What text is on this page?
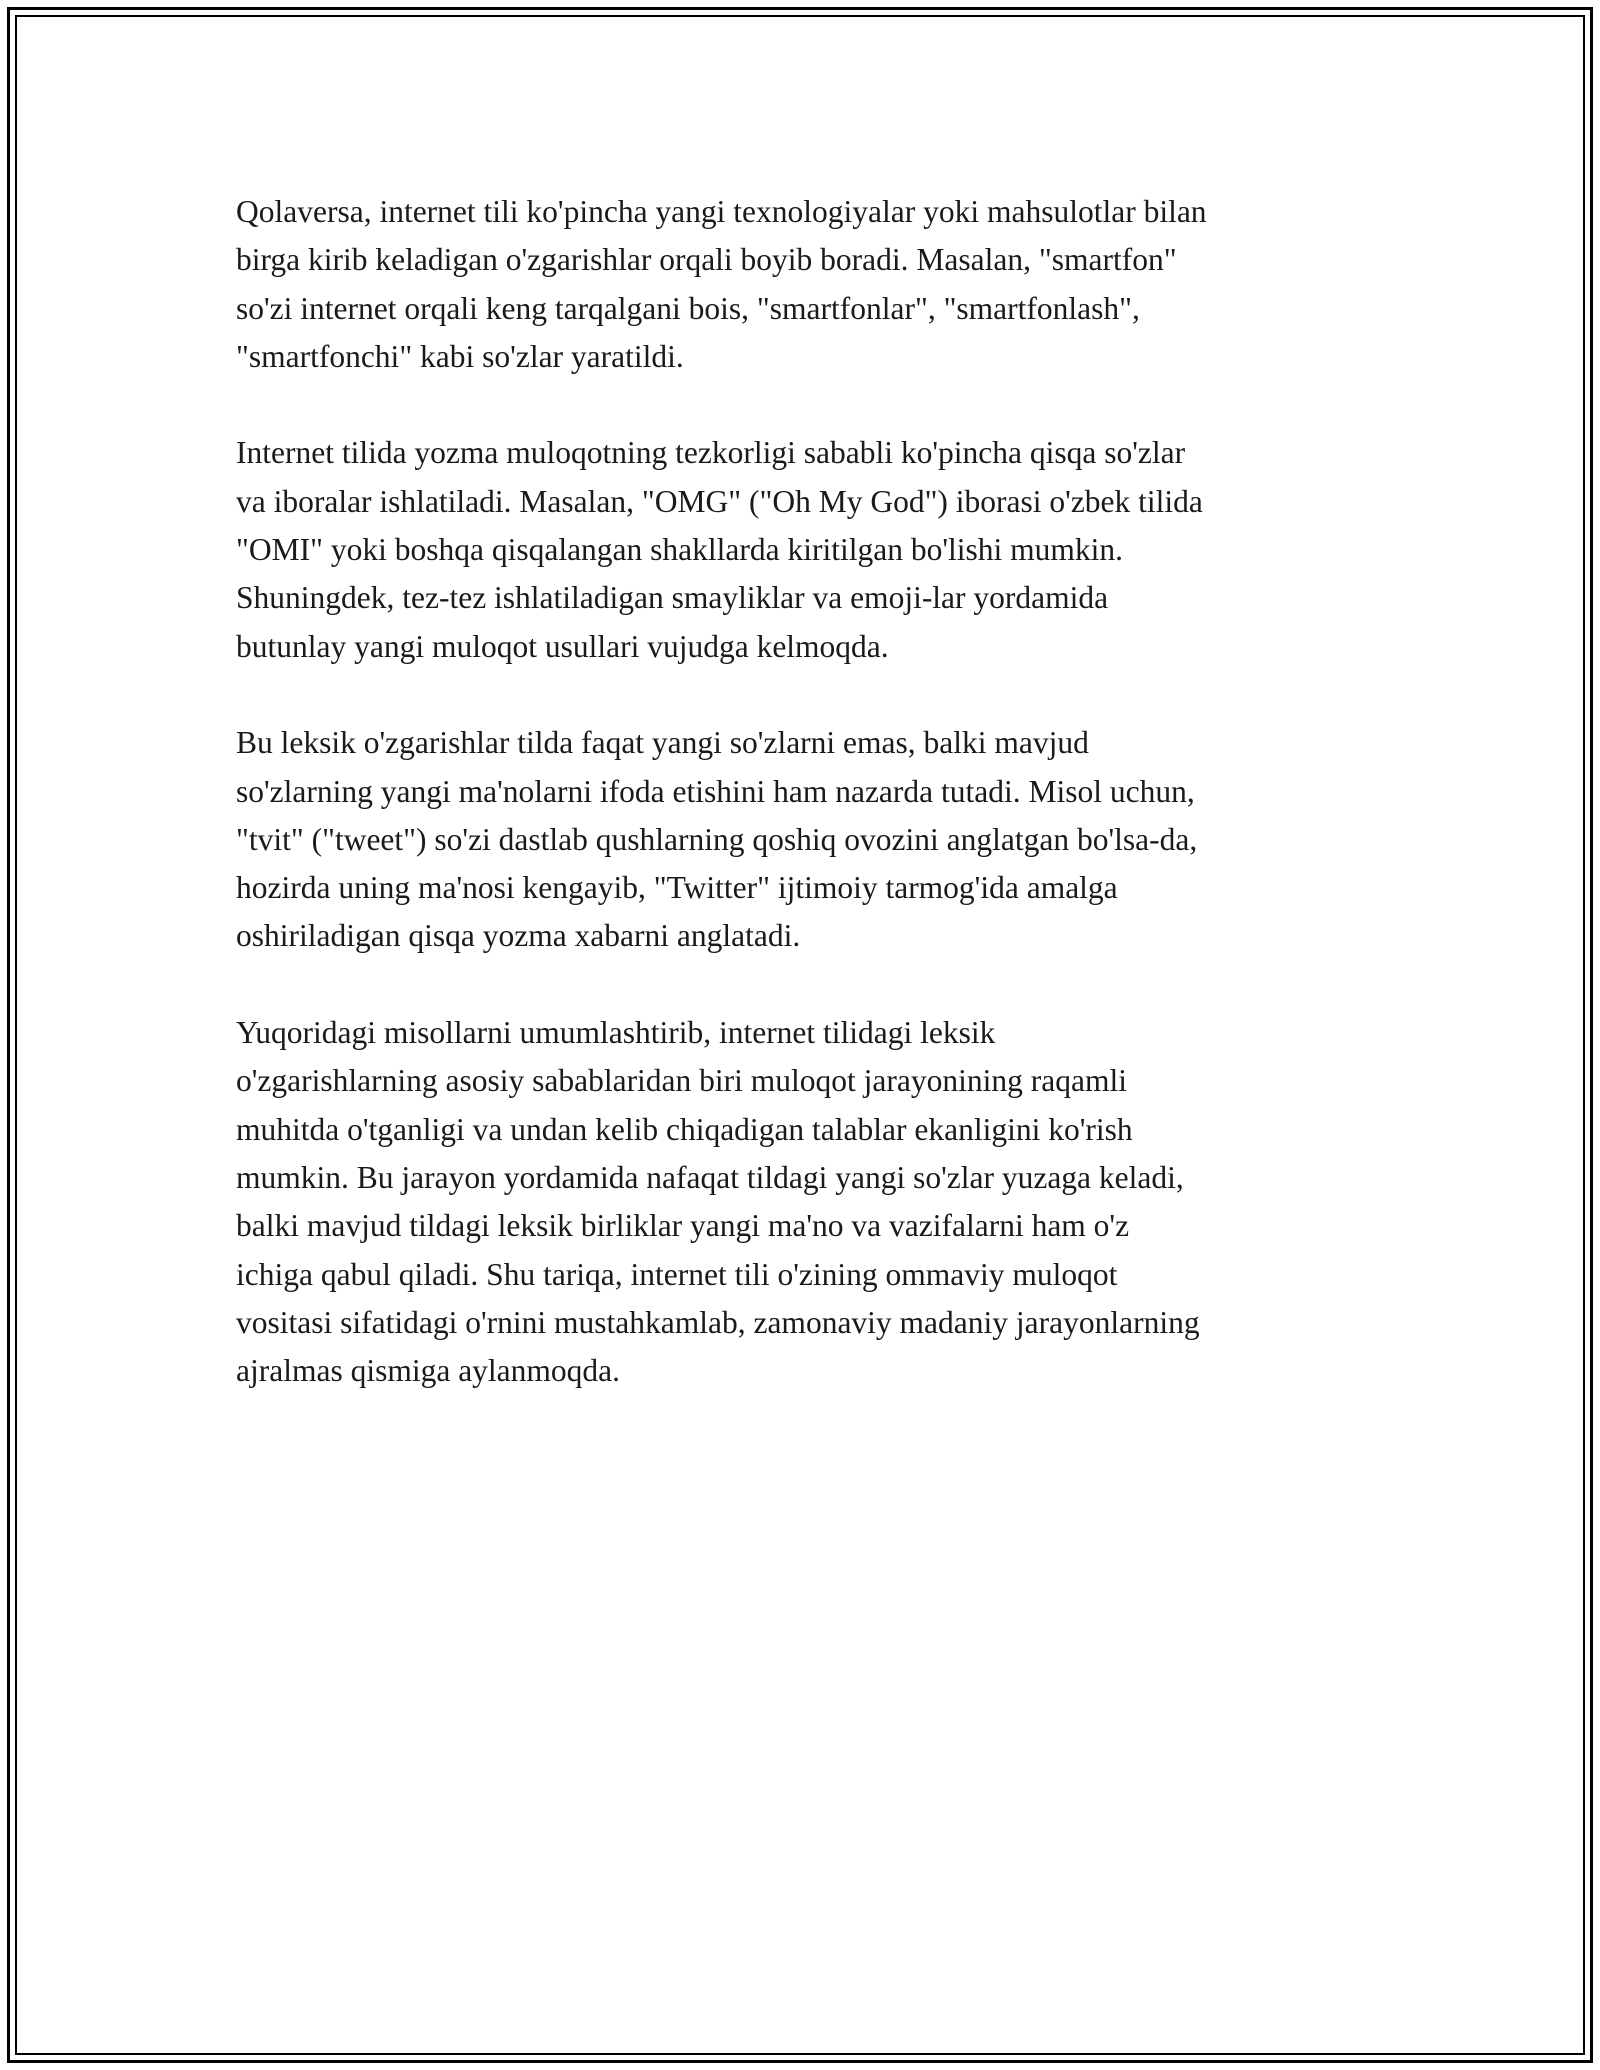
Qolaversa, internet tili ko'pincha yangi texnologiyalar yoki mahsulotlar bilan
birga kirib keladigan o'zgarishlar orqali boyib boradi. Masalan, "smartfon"
so'zi internet orqali keng tarqalgani bois, "smartfonlar", "smartfonlash",
"smartfonchi" kabi so'zlar yaratildi.

Internet tilida yozma muloqotning tezkorligi sababli ko'pincha qisqa so'zlar
va iboralar ishlatiladi. Masalan, "OMG" ("Oh My God") iborasi o'zbek tilida
"OMI" yoki boshqa qisqalangan shakllarda kiritilgan bo'lishi mumkin.
Shuningdek, tez-tez ishlatiladigan smayliklar va emoji-lar yordamida
butunlay yangi muloqot usullari vujudga kelmoqda.

Bu leksik o'zgarishlar tilda faqat yangi so'zlarni emas, balki mavjud
so'zlarning yangi ma'nolarni ifoda etishini ham nazarda tutadi. Misol uchun,
"tvit" ("tweet") so'zi dastlab qushlarning qoshiq ovozini anglatgan bo'lsa-da,
hozirda uning ma'nosi kengayib, "Twitter" ijtimoiy tarmog'ida amalga
oshiriladigan qisqa yozma xabarni anglatadi.

Yuqoridagi misollarni umumlashtirib, internet tilidagi leksik
o'zgarishlarning asosiy sabablaridan biri muloqot jarayonining raqamli
muhitda o'tganligi va undan kelib chiqadigan talablar ekanligini ko'rish
mumkin. Bu jarayon yordamida nafaqat tildagi yangi so'zlar yuzaga keladi,
balki mavjud tildagi leksik birliklar yangi ma'no va vazifalarni ham o'z
ichiga qabul qiladi. Shu tariqa, internet tili o'zining ommaviy muloqot
vositasi sifatidagi o'rnini mustahkamlab, zamonaviy madaniy jarayonlarning
ajralmas qismiga aylanmoqda.
